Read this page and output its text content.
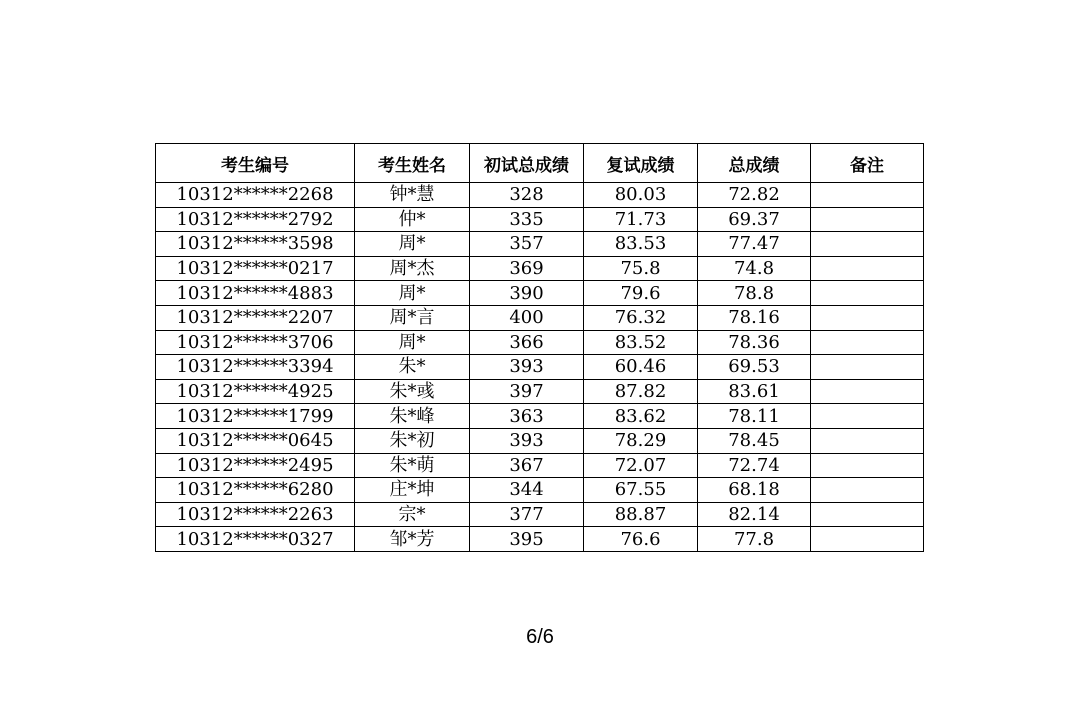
考生编号	考生姓名	初试总成绩	复试成绩	总成绩	备注
10312******2268	钟*慧	328	80.03	72.82	
10312******2792	仲*	335	71.73	69.37	
10312******3598	周*	357	83.53	77.47	
10312******0217	周*杰	369	75.8	74.8	
10312******4883	周*	390	79.6	78.8	
10312******2207	周*言	400	76.32	78.16	
10312******3706	周*	366	83.52	78.36	
10312******3394	朱*	393	60.46	69.53	
10312******4925	朱*彧	397	87.82	83.61	
10312******1799	朱*峰	363	83.62	78.11	
10312******0645	朱*初	393	78.29	78.45	
10312******2495	朱*萌	367	72.07	72.74	
10312******6280	庄*坤	344	67.55	68.18	
10312******2263	宗*	377	88.87	82.14	
10312******0327	邹*芳	395	76.6	77.8	
6/6
